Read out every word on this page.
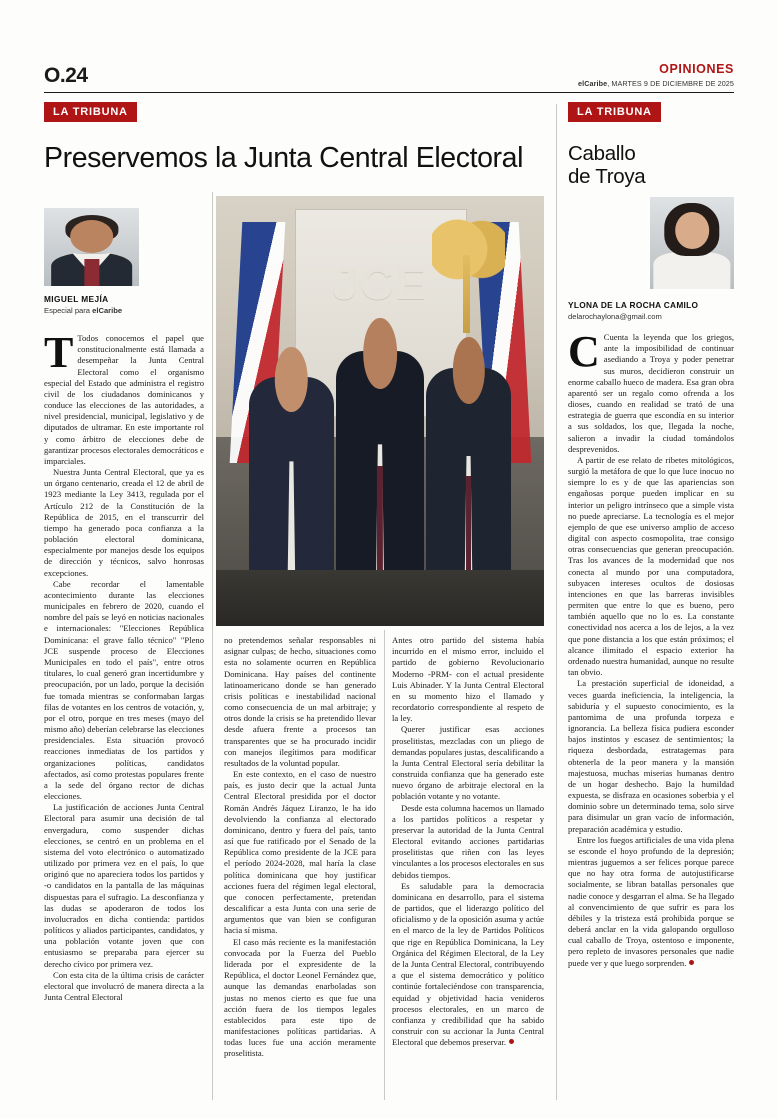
O.24	OPINIONES
elCaribe, MARTES 9 DE DICIEMBRE DE 2025
LA TRIBUNA
Preservemos la Junta Central Electoral
MIGUEL MEJÍA
Especial para elCaribe
JCE

T Todos conocemos el papel que constitucionalmente está llamada a desempeñar la Junta Central Electoral como el organismo especial del Estado que administra el registro civil de los ciudadanos dominicanos y conduce las elecciones de las autoridades, a nivel presidencial, municipal, legislativo y de diputados de ultramar. En este importante rol y como árbitro de elecciones debe de garantizar procesos electorales democráticos e imparciales.

Nuestra Junta Central Electoral, que ya es un órgano centenario, creada el 12 de abril de 1923 mediante la Ley 3413, regulada por el Artículo 212 de la Constitución de la República de 2015, en el transcurrir del tiempo ha generado poca confianza a la población electoral dominicana, especialmente por manejos desde los equipos de dirección y técnicos, salvo honrosas excepciones.

Cabe recordar el lamentable acontecimiento durante las elecciones municipales en febrero de 2020, cuando el nombre del país se leyó en noticias nacionales e internacionales: "Elecciones República Dominicana: el grave fallo técnico" "Pleno JCE suspende proceso de Elecciones Municipales en todo el país", entre otros titulares, lo cual generó gran incertidumbre y preocupación, por un lado, porque la decisión fue tomada mientras se conformaban largas filas de votantes en los centros de votación, y, por el otro, porque en tres meses (mayo del mismo año) deberían celebrarse las elecciones presidenciales. Esta situación provocó reacciones inmediatas de los partidos y organizaciones políticas, candidatos afectados, así como protestas populares frente a la sede del órgano rector de dichas elecciones.

La justificación de acciones Junta Central Electoral para asumir una decisión de tal envergadura, como suspender dichas elecciones, se centró en un problema en el sistema del voto electrónico o automatizado utilizado por primera vez en el país, lo que originó que no apareciera todos los partidos y -o candidatos en la pantalla de las máquinas dispuestas para el sufragio. La desconfianza y las dudas se apoderaron de todos los involucrados en dicha contienda: partidos políticos y aliados participantes, candidatos, y una población votante joven que con entusiasmo se preparaba para ejercer su derecho cívico por primera vez.

Con esta cita de la última crisis de carácter electoral que involucró de manera directa a la Junta Central Electoral

no pretendemos señalar responsables ni asignar culpas; de hecho, situaciones como esta no solamente ocurren en República Dominicana. Hay países del continente latinoamericano donde se han generado crisis políticas e inestabilidad nacional como consecuencia de un mal arbitraje; y otros donde la crisis se ha pretendido llevar desde afuera frente a procesos tan transparentes que se ha procurado incidir con manejos ilegítimos para modificar resultados de la voluntad popular.

En este contexto, en el caso de nuestro país, es justo decir que la actual Junta Central Electoral presidida por el doctor Román Andrés Jáquez Liranzo, le ha ido devolviendo la confianza al electorado dominicano, dentro y fuera del país, tanto así que fue ratificado por el Senado de la República como presidente de la JCE para el período 2024-2028, mal haría la clase política dominicana que hoy justificar acciones fuera del régimen legal electoral, que conocen perfectamente, pretendan descalificar a esta Junta con una serie de argumentos que van bien se configuran hacia sí misma.

El caso más reciente es la manifestación convocada por la Fuerza del Pueblo liderada por el expresidente de la República, el doctor Leonel Fernández que, aunque las demandas enarboladas son justas no menos cierto es que fue una acción fuera de los tiempos legales establecidos para este tipo de manifestaciones políticas partidarias. A todas luces fue una acción meramente proselitista.

Antes otro partido del sistema había incurrido en el mismo error, incluido el partido de gobierno Revolucionario Moderno -PRM- con el actual presidente Luis Abinader. Y la Junta Central Electoral en su momento hizo el llamado y recordatorio correspondiente al respeto de la ley.

Querer justificar esas acciones proselitistas, mezcladas con un pliego de demandas populares justas, descalificando a la Junta Central Electoral sería debilitar la construida confianza que ha generado este nuevo órgano de arbitraje electoral en la población votante y no votante.

Desde esta columna hacemos un llamado a los partidos políticos a respetar y preservar la autoridad de la Junta Central Electoral evitando acciones partidarias proselitistas que riñen con las leyes vinculantes a los procesos electorales en sus debidos tiempos.

Es saludable para la democracia dominicana en desarrollo, para el sistema de partidos, que el liderazgo político del oficialismo y de la oposición asuma y actúe en el marco de la ley de Partidos Políticos que rige en República Dominicana, la Ley Orgánica del Régimen Electoral, de la Ley de la Junta Central Electoral, contribuyendo a que el sistema democrático y político continúe fortaleciéndose con transparencia, equidad y objetividad hacia venideros procesos electorales, en un marco de confianza y credibilidad que ha sabido construir con su accionar la Junta Central Electoral que debemos preservar.

LA TRIBUNA
Caballo
de Troya
YLONA DE LA ROCHA CAMILO
delarochaylona@gmail.com

C Cuenta la leyenda que los griegos, ante la imposibilidad de continuar asediando a Troya y poder penetrar sus muros, decidieron construir un enorme caballo hueco de madera. Esa gran obra aparentó ser un regalo como ofrenda a los dioses, cuando en realidad se trató de una estrategia de guerra que escondía en su interior a sus soldados, los que, llegada la noche, salieron a invadir la ciudad tomándolos desprevenidos.

A partir de ese relato de ribetes mitológicos, surgió la metáfora de que lo que luce inocuo no siempre lo es y de que las apariencias son engañosas porque pueden implicar en su interior un peligro intrínseco que a simple vista no puede apreciarse. La tecnología es el mejor ejemplo de que ese universo amplio de acceso digital con aspecto cosmopolita, trae consigo otras consecuencias que generan preocupación. Tras los avances de la modernidad que nos conecta al mundo por una computadora, subyacen intereses ocultos de dosiosas intenciones en que las barreras invisibles permiten que entre lo que es bueno, pero también aquello que no lo es. La constante conectividad nos acerca a los de lejos, a la vez que pone distancia a los que están próximos; el alcance ilimitado el espacio exterior ha ordenado nuestra humanidad, aunque no resulte tan obvio.

La prestación superficial de idoneidad, a veces guarda ineficiencia, la inteligencia, la sabiduría y el supuesto conocimiento, es la pantomima de una profunda torpeza e ignorancia. La belleza física pudiera esconder bajos instintos y escasez de sentimientos; la riqueza desbordada, estratagemas para obtenerla de la peor manera y la mansión majestuosa, muchas miserias humanas dentro de un hogar deshecho. Bajo la humildad expuesta, se disfraza en ocasiones soberbia y el dominio sobre un determinado tema, solo sirve para disimular un gran vacío de información, preparación académica y estudio.

Entre los fuegos artificiales de una vida plena se esconde el hoyo profundo de la depresión; mientras juguemos a ser felices porque parece que no hay otra forma de autojustificarse socialmente, se libran batallas personales que nadie conoce y desgarran el alma. Se ha llegado al convencimiento de que sufrir es para los débiles y la tristeza está prohibida porque se deberá anclar en la vida galopando orgulloso cual caballo de Troya, ostentoso e imponente, pero repleto de invasores personales que nadie puede ver y que luego sorprenden.
